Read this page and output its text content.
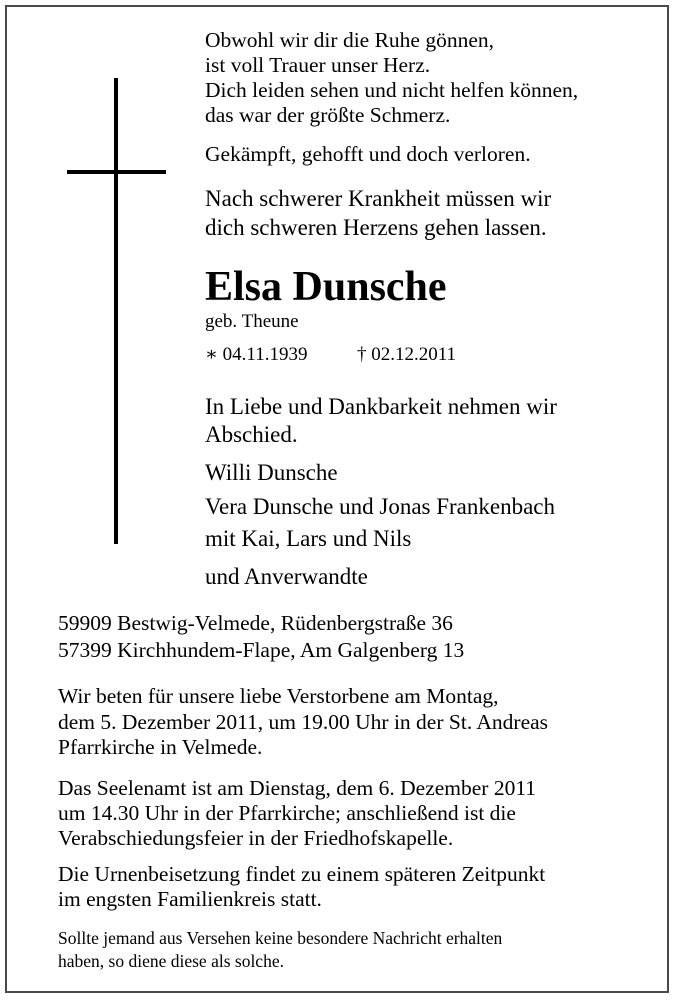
Obwohl wir dir die Ruhe gönnen,
ist voll Trauer unser Herz.
Dich leiden sehen und nicht helfen können,
das war der größte Schmerz.
Gekämpft, gehofft und doch verloren.
Nach schwerer Krankheit müssen wir
dich schweren Herzens gehen lassen.
Elsa Dunsche
geb. Theune
∗ 04.11.1939	† 02.12.2011
In Liebe und Dankbarkeit nehmen wir
Abschied.
Willi Dunsche
Vera Dunsche und Jonas Frankenbach
mit Kai, Lars und Nils
und Anverwandte
59909 Bestwig-Velmede, Rüdenbergstraße 36
57399 Kirchhundem-Flape, Am Galgenberg 13
Wir beten für unsere liebe Verstorbene am Montag,
dem 5. Dezember 2011, um 19.00 Uhr in der St. Andreas
Pfarrkirche in Velmede.
Das Seelenamt ist am Dienstag, dem 6. Dezember 2011
um 14.30 Uhr in der Pfarrkirche; anschließend ist die
Verabschiedungsfeier in der Friedhofskapelle.
Die Urnenbeisetzung findet zu einem späteren Zeitpunkt
im engsten Familienkreis statt.
Sollte jemand aus Versehen keine besondere Nachricht erhalten
haben, so diene diese als solche.
